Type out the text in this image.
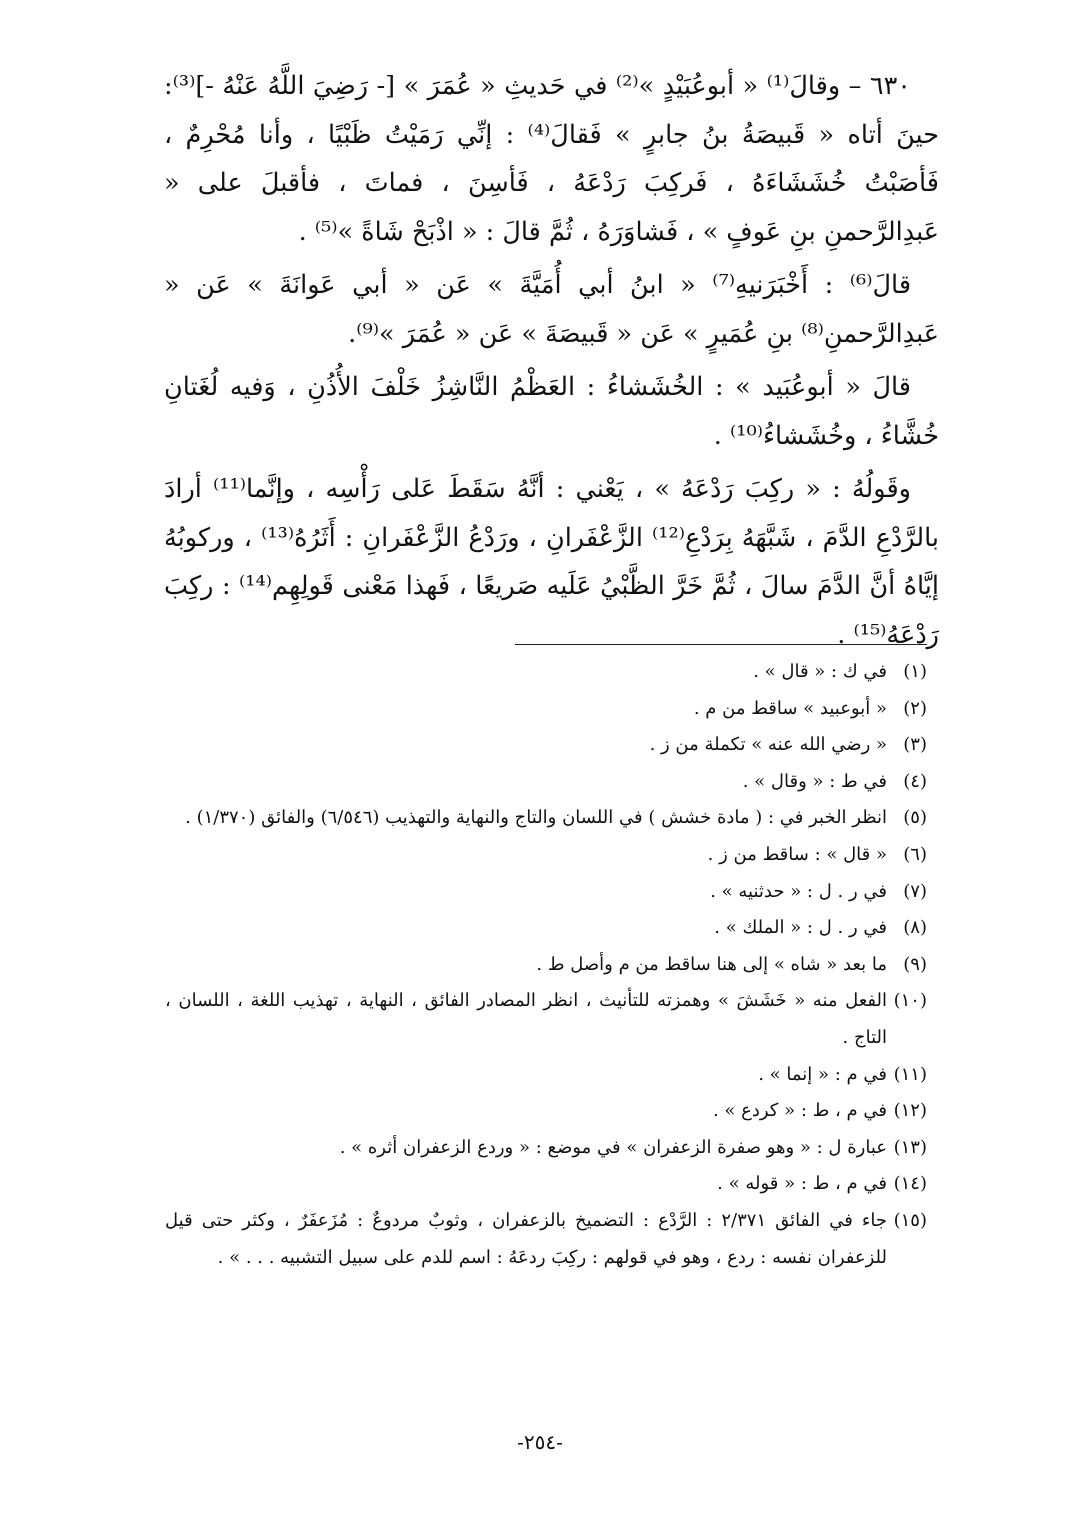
٦٣٠ – وقالَ⁽¹⁾ « أبوعُبَيْدٍ »⁽²⁾ في حَديثِ « عُمَرَ » [- رَضِيَ اللَّهُ عَنْهُ -]⁽³⁾: حينَ أتاه « قَبيصَةُ بنُ جابرٍ » فَقالَ⁽⁴⁾ : إنِّي رَمَيْتُ ظَبْيًا ، وأنا مُحْرِمٌ ، فَأصَبْتُ خُشَشَاءَهُ ، فَركِبَ رَدْعَهُ ، فَأسِنَ ، فماتَ ، فأقبلَ على « عَبدِالرَّحمنِ بنِ عَوفٍ » ، فَشاوَرَهُ ، ثُمَّ قالَ : « اذْبَحْ شَاةً »⁽⁵⁾ .

قالَ⁽⁶⁾ : أَخْبَرَنيهِ⁽⁷⁾ « ابنُ أبي أُمَيَّةَ » عَن « أبي عَوانَةَ » عَن « عَبدِالرَّحمنِ⁽⁸⁾ بنِ عُمَيرٍ » عَن « قَبيصَةَ » عَن « عُمَرَ »⁽⁹⁾.

قالَ « أبوعُبَيد » : الخُشَشاءُ : العَظْمُ النَّاشِزُ خَلْفَ الأُذُنِ ، وَفيه لُغَتانِ خُشَّاءُ ، وخُشَشاءُ⁽¹⁰⁾ .

وقَولُهُ : « ركِبَ رَدْعَهُ » ، يَعْني : أنَّهُ سَقَطَ عَلى رَأْسِه ، وإنَّما⁽¹¹⁾ أرادَ بالرَّدْعِ الدَّمَ ، شَبَّهَهُ بِرَدْعِ⁽¹²⁾ الزَّعْفَرانِ ، ورَدْعُ الزَّعْفَرانِ : أَثَرُهُ⁽¹³⁾ ، وركوبُهُ إيَّاهُ أنَّ الدَّمَ سالَ ، ثُمَّ خَرَّ الظَّبْيُ عَلَيه صَريعًا ، فَهذا مَعْنى قَولِهِم⁽¹⁴⁾ : ركِبَ رَدْعَهُ⁽¹⁵⁾ .

(١)
في ك : « قال » .
(٢)
« أبوعبيد » ساقط من م .
(٣)
« رضي الله عنه » تكملة من ز .
(٤)
في ط : « وقال » .
(٥)
انظر الخبر في : ( مادة خشش ) في اللسان والتاج والنهاية والتهذيب (٦/٥٤٦) والفائق (١/٣٧٠) .
(٦)
« قال » : ساقط من ز .
(٧)
في ر . ل : « حدثنيه » .
(٨)
في ر . ل : « الملك » .
(٩)
ما بعد « شاه » إلى هنا ساقط من م وأصل ط .
(١٠)
الفعل منه « خَشَشَ » وهمزته للتأنيث ، انظر المصادر الفائق ، النهاية ، تهذيب اللغة ، اللسان ، التاج .
(١١)
في م : « إنما » .
(١٢)
في م ، ط : « كردع » .
(١٣)
عبارة ل : « وهو صفرة الزعفران » في موضع : « وردع الزعفران أثره » .
(١٤)
في م ، ط : « قوله » .
(١٥)
جاء في الفائق ٢/٣٧١ : الرَّدْع : التضميخ بالزعفران ، وثوبٌ مردوعٌ : مُزَعفَرٌ ، وكثر حتى قيل للزعفران نفسه : ردع ، وهو في قولهم : ركِبَ ردعَهُ : اسم للدم على سبيل التشبيه . . . » .
-٢٥٤-
